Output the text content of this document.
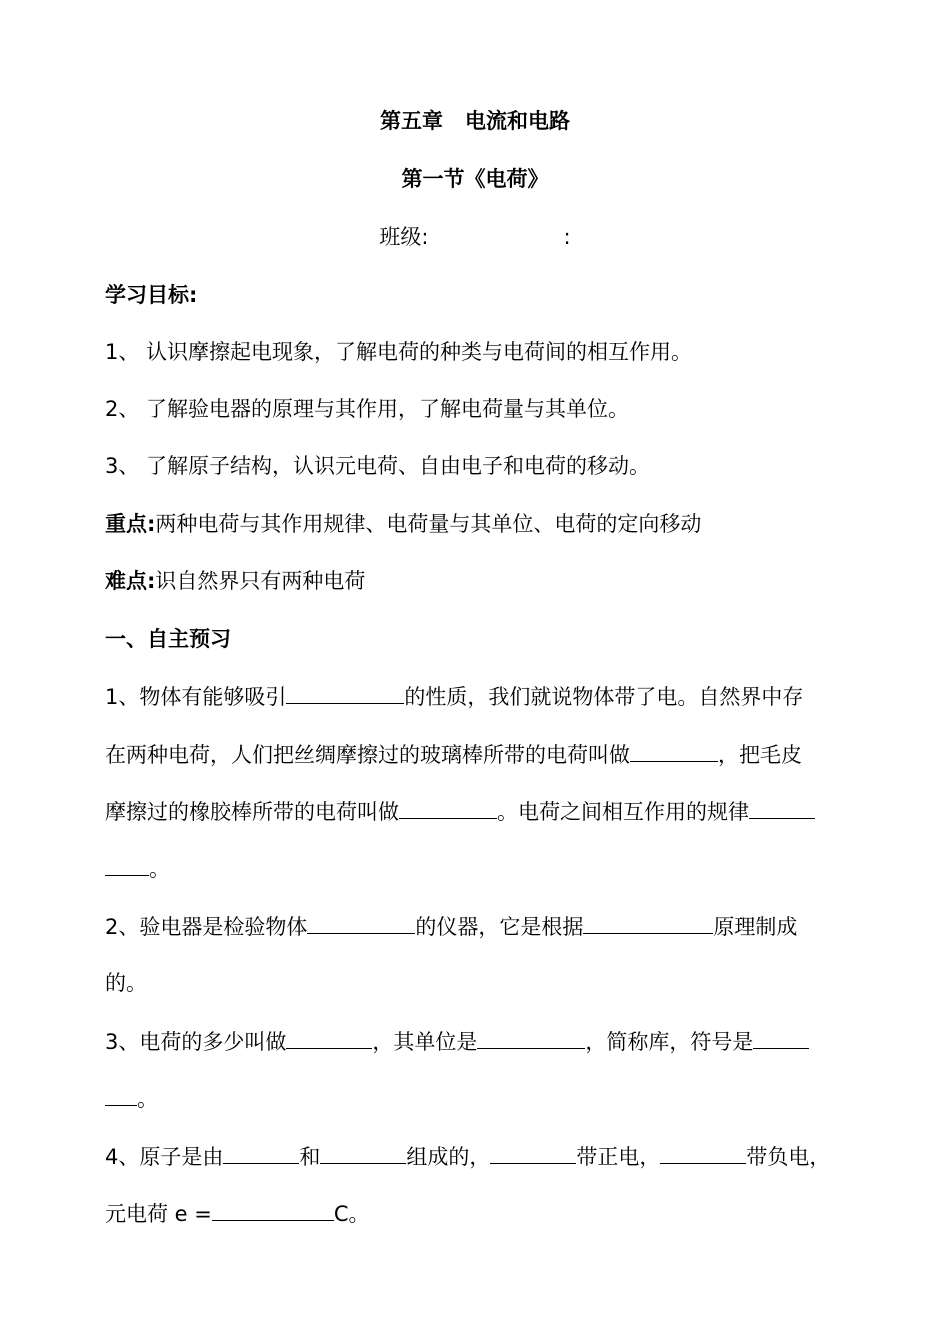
第五章 电流和电路
第一节《电荷》
班级:	:
学习目标:
1、 认识摩擦起电现象，了解电荷的种类与电荷间的相互作用。
2、 了解验电器的原理与其作用，了解电荷量与其单位。
3、 了解原子结构，认识元电荷、自由电子和电荷的移动。
重点:两种电荷与其作用规律、电荷量与其单位、电荷的定向移动
难点:识自然界只有两种电荷
一、自主预习
1、物体有能够吸引	的性质，我们就说物体带了电。自然界中存
在两种电荷，人们把丝绸摩擦过的玻璃棒所带的电荷叫做	，把毛皮
摩擦过的橡胶棒所带的电荷叫做	。电荷之间相互作用的规律
。
2、验电器是检验物体	的仪器，它是根据	原理制成
的。
3、电荷的多少叫做	，其单位是	，简称库，符号是
。
4、原子是由	和	组成的，	带正电，	带负电，
元电荷 e =	C。
